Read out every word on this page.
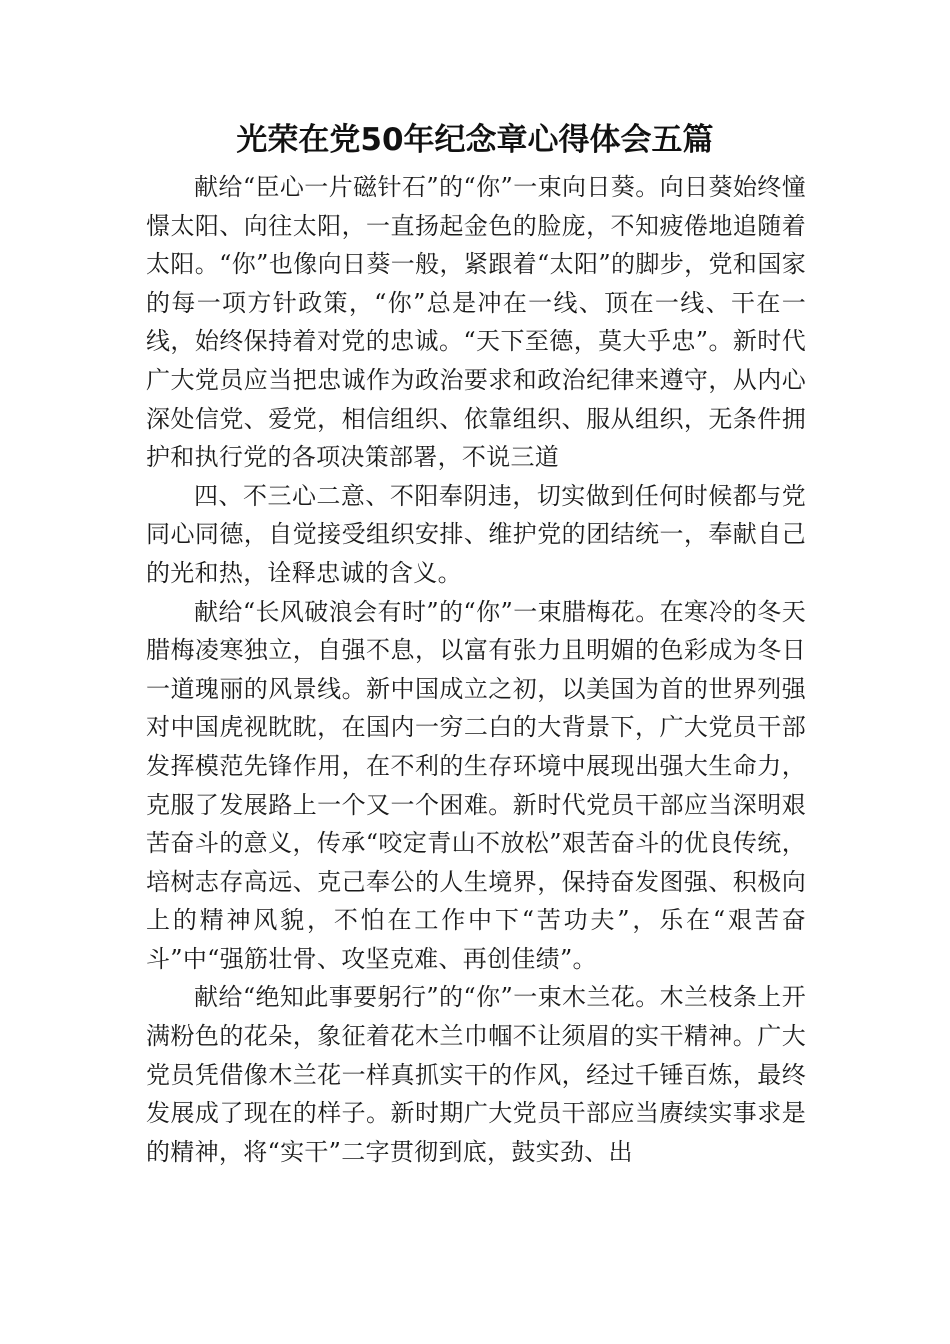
光荣在党50年纪念章心得体会五篇

献给“臣心一片磁针石”的“你”一束向日葵。向日葵始终憧憬太阳、向往太阳，一直扬起金色的脸庞，不知疲倦地追随着太阳。“你”也像向日葵一般，紧跟着“太阳”的脚步，党和国家的每一项方针政策，“你”总是冲在一线、顶在一线、干在一线，始终保持着对党的忠诚。“天下至德，莫大乎忠”。新时代广大党员应当把忠诚作为政治要求和政治纪律来遵守，从内心深处信党、爱党，相信组织、依靠组织、服从组织，无条件拥护和执行党的各项决策部署，不说三道

四、不三心二意、不阳奉阴违，切实做到任何时候都与党同心同德，自觉接受组织安排、维护党的团结统一，奉献自己的光和热，诠释忠诚的含义。

献给“长风破浪会有时”的“你”一束腊梅花。在寒冷的冬天腊梅凌寒独立，自强不息，以富有张力且明媚的色彩成为冬日一道瑰丽的风景线。新中国成立之初，以美国为首的世界列强对中国虎视眈眈，在国内一穷二白的大背景下，广大党员干部发挥模范先锋作用，在不利的生存环境中展现出强大生命力，克服了发展路上一个又一个困难。新时代党员干部应当深明艰苦奋斗的意义，传承“咬定青山不放松”艰苦奋斗的优良传统，培树志存高远、克己奉公的人生境界，保持奋发图强、积极向上的精神风貌，不怕在工作中下“苦功夫”，乐在“艰苦奋斗”中“强筋壮骨、攻坚克难、再创佳绩”。

献给“绝知此事要躬行”的“你”一束木兰花。木兰枝条上开满粉色的花朵，象征着花木兰巾帼不让须眉的实干精神。广大党员凭借像木兰花一样真抓实干的作风，经过千锤百炼，最终发展成了现在的样子。新时期广大党员干部应当赓续实事求是的精神，将“实干”二字贯彻到底，鼓实劲、出
